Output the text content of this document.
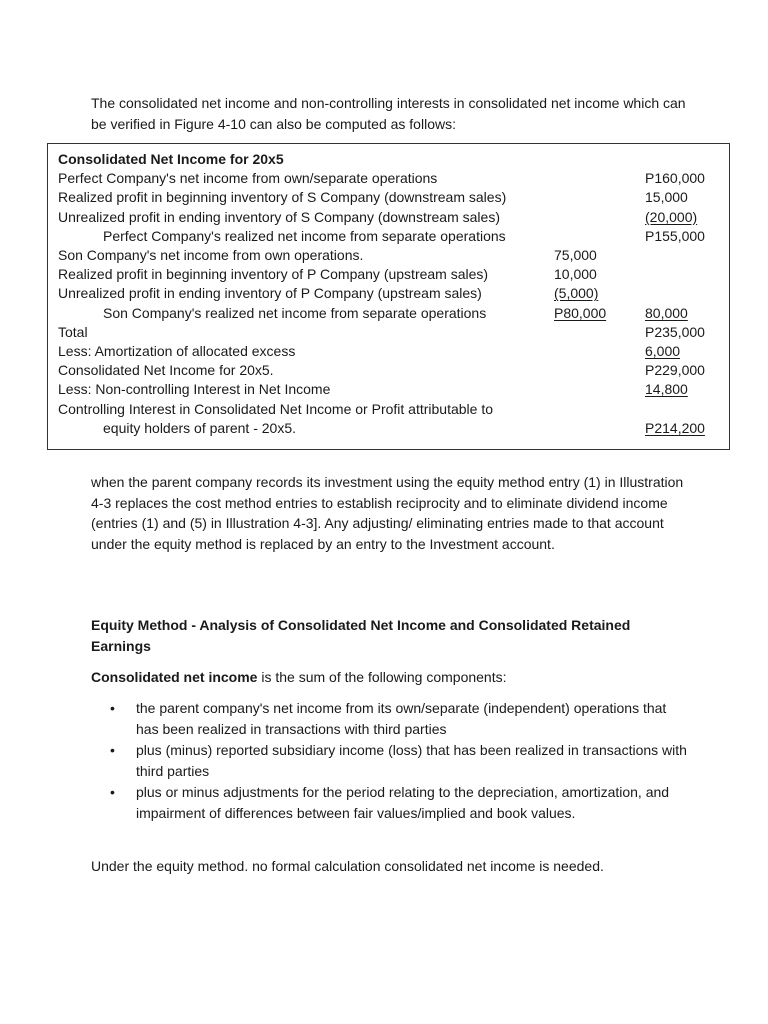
The consolidated net income and non-controlling interests in consolidated net income which can be verified in Figure 4-10 can also be computed as follows:

Consolidated Net Income for 20x5
Perfect Company's net income from own/separate operations	P160,000
Realized profit in beginning inventory of S Company (downstream sales)	15,000
Unrealized profit in ending inventory of S Company (downstream sales)	(20,000)
Perfect Company's realized net income from separate operations	P155,000
Son Company's net income from own operations.	75,000
Realized profit in beginning inventory of P Company (upstream sales)	10,000
Unrealized profit in ending inventory of P Company (upstream sales)	(5,000)
Son Company's realized net income from separate operations	P80,000	80,000
Total	P235,000
Less: Amortization of allocated excess	6,000
Consolidated Net Income for 20x5.	P229,000
Less: Non-controlling Interest in Net Income	14,800
Controlling Interest in Consolidated Net Income or Profit attributable to
equity holders of parent - 20x5.	P214,200

when the parent company records its investment using the equity method entry (1) in Illustration 4-3 replaces the cost method entries to establish reciprocity and to eliminate dividend income (entries (1) and (5) in Illustration 4-3]. Any adjusting/ eliminating entries made to that account under the equity method is replaced by an entry to the Investment account.

Equity Method - Analysis of Consolidated Net Income and Consolidated Retained Earnings

Consolidated net income is the sum of the following components:

• the parent company's net income from its own/separate (independent) operations that has been realized in transactions with third parties
• plus (minus) reported subsidiary income (loss) that has been realized in transactions with third parties
• plus or minus adjustments for the period relating to the depreciation, amortization, and impairment of differences between fair values/implied and book values.

Under the equity method. no formal calculation consolidated net income is needed.
